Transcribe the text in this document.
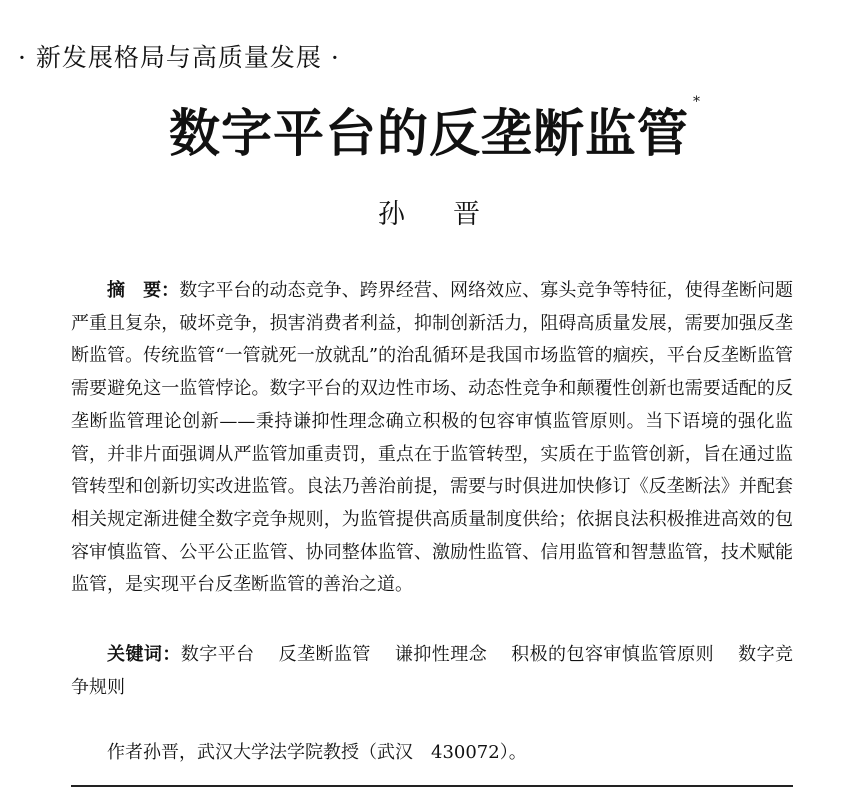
· 新发展格局与高质量发展 ·
数字平台的反垄断监管
*
孙晋
摘　要：数字平台的动态竞争、跨界经营、网络效应、寡头竞争等特征，使得垄断问题严重且复杂，破坏竞争，损害消费者利益，抑制创新活力，阻碍高质量发展，需要加强反垄断监管。传统监管“一管就死一放就乱”的治乱循环是我国市场监管的痼疾，平台反垄断监管需要避免这一监管悖论。数字平台的双边性市场、动态性竞争和颠覆性创新也需要适配的反垄断监管理论创新——秉持谦抑性理念确立积极的包容审慎监管原则。当下语境的强化监管，并非片面强调从严监管加重责罚，重点在于监管转型，实质在于监管创新，旨在通过监管转型和创新切实改进监管。良法乃善治前提，需要与时俱进加快修订《反垄断法》并配套相关规定渐进健全数字竞争规则，为监管提供高质量制度供给；依据良法积极推进高效的包容审慎监管、公平公正监管、协同整体监管、激励性监管、信用监管和智慧监管，技术赋能监管，是实现平台反垄断监管的善治之道。
关键词：数字平台 反垄断监管 谦抑性理念 积极的包容审慎监管原则 数字竞争规则
作者孙晋，武汉大学法学院教授（武汉　430072）。
